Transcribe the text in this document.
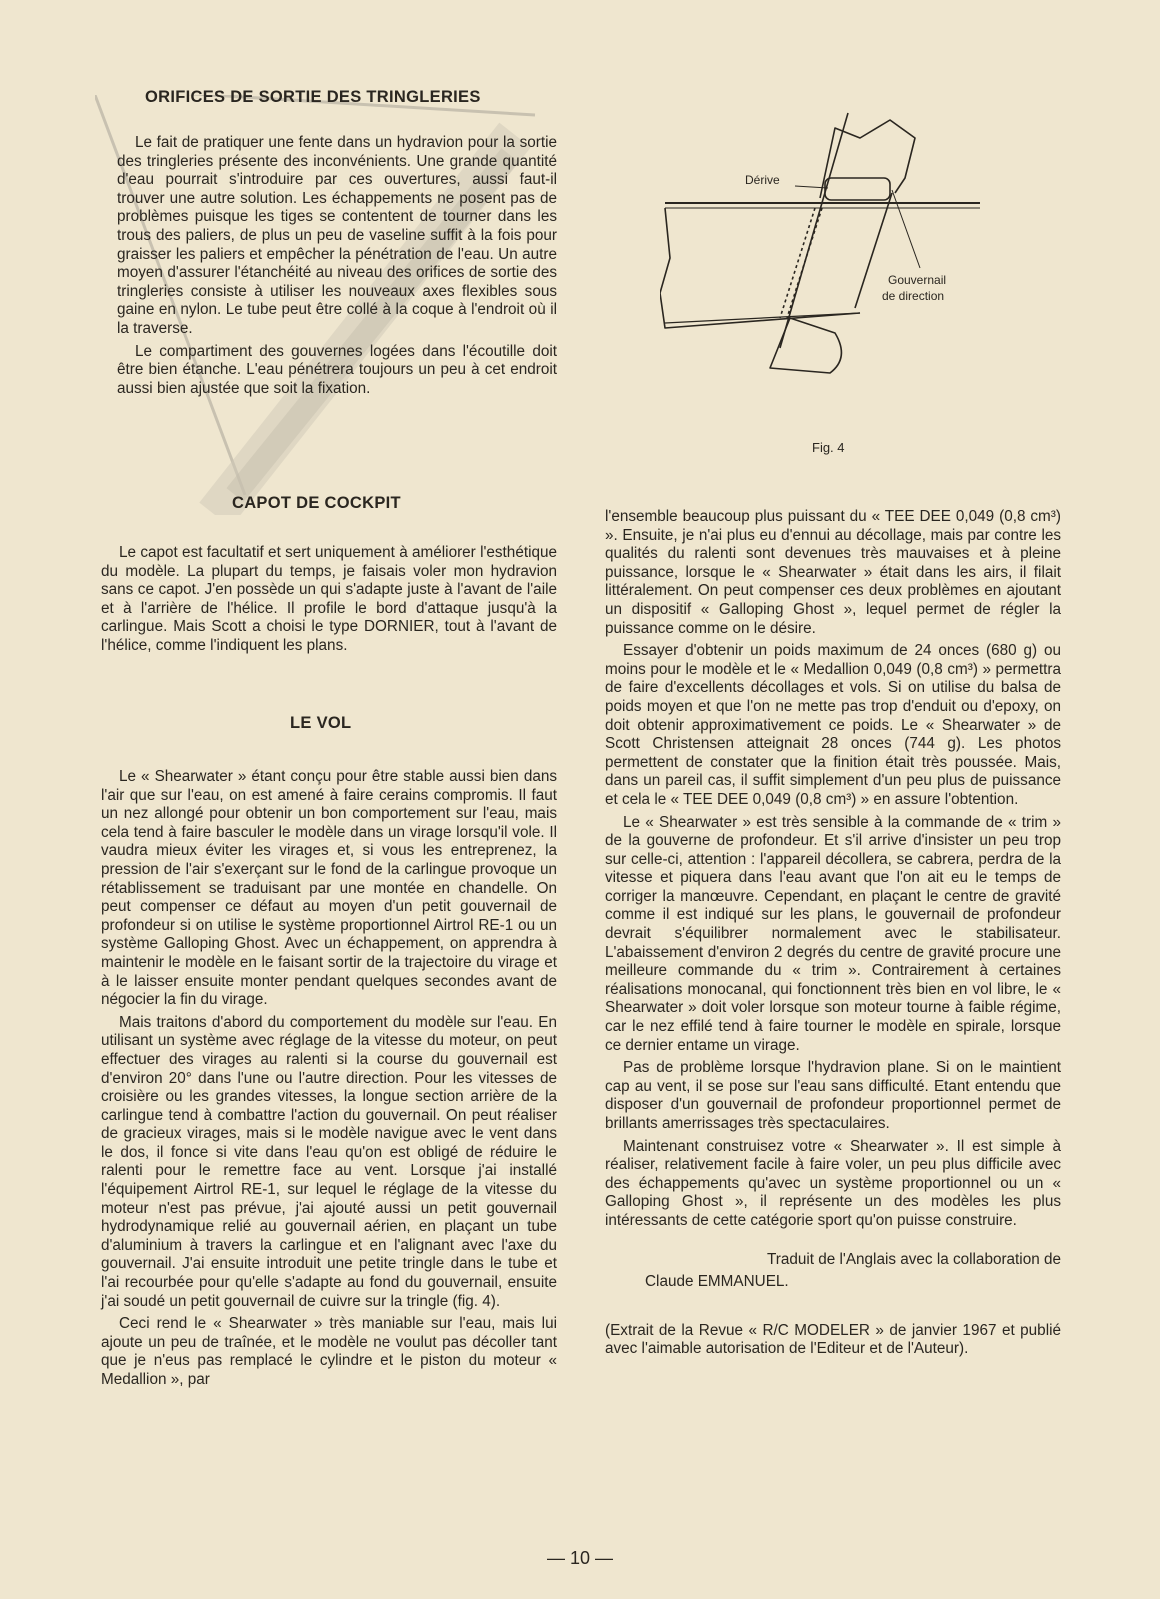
ORIFICES DE SORTIE DES TRINGLERIES

Le fait de pratiquer une fente dans un hydravion pour la sortie des tringleries présente des inconvénients. Une grande quantité d'eau pourrait s'introduire par ces ouvertures, aussi faut-il trouver une autre solution. Les échappements ne posent pas de problèmes puisque les tiges se contentent de tourner dans les trous des paliers, de plus un peu de vaseline suffit à la fois pour graisser les paliers et empêcher la pénétration de l'eau. Un autre moyen d'assurer l'étanchéité au niveau des orifices de sortie des tringleries consiste à utiliser les nouveaux axes flexibles sous gaine en nylon. Le tube peut être collé à la coque à l'endroit où il la traverse.

Le compartiment des gouvernes logées dans l'écoutille doit être bien étanche. L'eau pénétrera toujours un peu à cet endroit aussi bien ajustée que soit la fixation.

Dérive
Gouvernail
de direction

Fig. 4

CAPOT DE COCKPIT

Le capot est facultatif et sert uniquement à améliorer l'esthétique du modèle. La plupart du temps, je faisais voler mon hydravion sans ce capot. J'en possède un qui s'adapte juste à l'avant de l'aile et à l'arrière de l'hélice. Il profile le bord d'attaque jusqu'à la carlingue. Mais Scott a choisi le type DORNIER, tout à l'avant de l'hélice, comme l'indiquent les plans.

LE VOL

Le « Shearwater » étant conçu pour être stable aussi bien dans l'air que sur l'eau, on est amené à faire cerains compromis. Il faut un nez allongé pour obtenir un bon comportement sur l'eau, mais cela tend à faire basculer le modèle dans un virage lorsqu'il vole. Il vaudra mieux éviter les virages et, si vous les entreprenez, la pression de l'air s'exerçant sur le fond de la carlingue provoque un rétablissement se traduisant par une montée en chandelle. On peut compenser ce défaut au moyen d'un petit gouvernail de profondeur si on utilise le système proportionnel Airtrol RE-1 ou un système Galloping Ghost. Avec un échappement, on apprendra à maintenir le modèle en le faisant sortir de la trajectoire du virage et à le laisser ensuite monter pendant quelques secondes avant de négocier la fin du virage.

Mais traitons d'abord du comportement du modèle sur l'eau. En utilisant un système avec réglage de la vitesse du moteur, on peut effectuer des virages au ralenti si la course du gouvernail est d'environ 20° dans l'une ou l'autre direction. Pour les vitesses de croisière ou les grandes vitesses, la longue section arrière de la carlingue tend à combattre l'action du gouvernail. On peut réaliser de gracieux virages, mais si le modèle navigue avec le vent dans le dos, il fonce si vite dans l'eau qu'on est obligé de réduire le ralenti pour le remettre face au vent. Lorsque j'ai installé l'équipement Airtrol RE-1, sur lequel le réglage de la vitesse du moteur n'est pas prévue, j'ai ajouté aussi un petit gouvernail hydrodynamique relié au gouvernail aérien, en plaçant un tube d'aluminium à travers la carlingue et en l'alignant avec l'axe du gouvernail. J'ai ensuite introduit une petite tringle dans le tube et l'ai recourbée pour qu'elle s'adapte au fond du gouvernail, ensuite j'ai soudé un petit gouvernail de cuivre sur la tringle (fig. 4).

Ceci rend le « Shearwater » très maniable sur l'eau, mais lui ajoute un peu de traînée, et le modèle ne voulut pas décoller tant que je n'eus pas remplacé le cylindre et le piston du moteur « Medallion », par

l'ensemble beaucoup plus puissant du « TEE DEE 0,049 (0,8 cm³) ». Ensuite, je n'ai plus eu d'ennui au décollage, mais par contre les qualités du ralenti sont devenues très mauvaises et à pleine puissance, lorsque le « Shearwater » était dans les airs, il filait littéralement. On peut compenser ces deux problèmes en ajoutant un dispositif « Galloping Ghost », lequel permet de régler la puissance comme on le désire.

Essayer d'obtenir un poids maximum de 24 onces (680 g) ou moins pour le modèle et le « Medallion 0,049 (0,8 cm³) » permettra de faire d'excellents décollages et vols. Si on utilise du balsa de poids moyen et que l'on ne mette pas trop d'enduit ou d'epoxy, on doit obtenir approximativement ce poids. Le « Shearwater » de Scott Christensen atteignait 28 onces (744 g). Les photos permettent de constater que la finition était très poussée. Mais, dans un pareil cas, il suffit simplement d'un peu plus de puissance et cela le « TEE DEE 0,049 (0,8 cm³) » en assure l'obtention.

Le « Shearwater » est très sensible à la commande de « trim » de la gouverne de profondeur. Et s'il arrive d'insister un peu trop sur celle-ci, attention : l'appareil décollera, se cabrera, perdra de la vitesse et piquera dans l'eau avant que l'on ait eu le temps de corriger la manœuvre. Cependant, en plaçant le centre de gravité comme il est indiqué sur les plans, le gouvernail de profondeur devrait s'équilibrer normalement avec le stabilisateur. L'abaissement d'environ 2 degrés du centre de gravité procure une meilleure commande du « trim ». Contrairement à certaines réalisations monocanal, qui fonctionnent très bien en vol libre, le « Shearwater » doit voler lorsque son moteur tourne à faible régime, car le nez effilé tend à faire tourner le modèle en spirale, lorsque ce dernier entame un virage.

Pas de problème lorsque l'hydravion plane. Si on le maintient cap au vent, il se pose sur l'eau sans difficulté. Etant entendu que disposer d'un gouvernail de profondeur proportionnel permet de brillants amerrissages très spectaculaires.

Maintenant construisez votre « Shearwater ». Il est simple à réaliser, relativement facile à faire voler, un peu plus difficile avec des échappements qu'avec un système proportionnel ou un « Galloping Ghost », il représente un des modèles les plus intéressants de cette catégorie sport qu'on puisse construire.

Traduit de l'Anglais avec la collaboration de

Claude EMMANUEL.

(Extrait de la Revue « R/C MODELER » de janvier 1967 et publié avec l'aimable autorisation de l'Editeur et de l'Auteur).

— 10 —
